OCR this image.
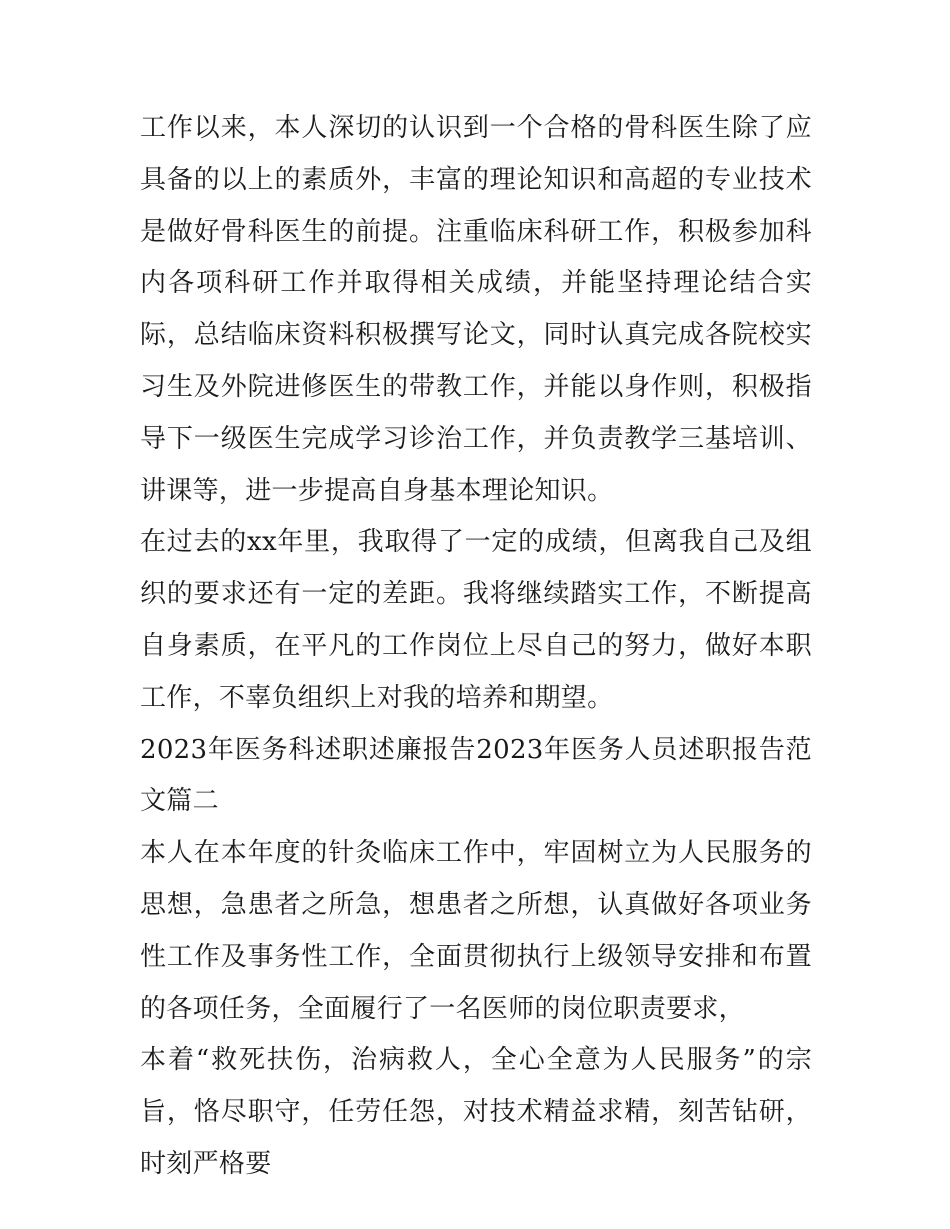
工作以来，本人深切的认识到一个合格的骨科医生除了应具备的以上的素质外，丰富的理论知识和高超的专业技术是做好骨科医生的前提。注重临床科研工作，积极参加科内各项科研工作并取得相关成绩，并能坚持理论结合实际，总结临床资料积极撰写论文，同时认真完成各院校实习生及外院进修医生的带教工作，并能以身作则，积极指导下一级医生完成学习诊治工作，并负责教学三基培训、讲课等，进一步提高自身基本理论知识。

在过去的xx年里，我取得了一定的成绩，但离我自己及组织的要求还有一定的差距。我将继续踏实工作，不断提高自身素质，在平凡的工作岗位上尽自己的努力，做好本职工作，不辜负组织上对我的培养和期望。

2023年医务科述职述廉报告2023年医务人员述职报告范文篇二

本人在本年度的针灸临床工作中，牢固树立为人民服务的思想，急患者之所急，想患者之所想，认真做好各项业务性工作及事务性工作，全面贯彻执行上级领导安排和布置的各项任务，全面履行了一名医师的岗位职责要求，

本着“救死扶伤，治病救人，全心全意为人民服务”的宗旨，恪尽职守，任劳任怨，对技术精益求精，刻苦钻研，时刻严格要
